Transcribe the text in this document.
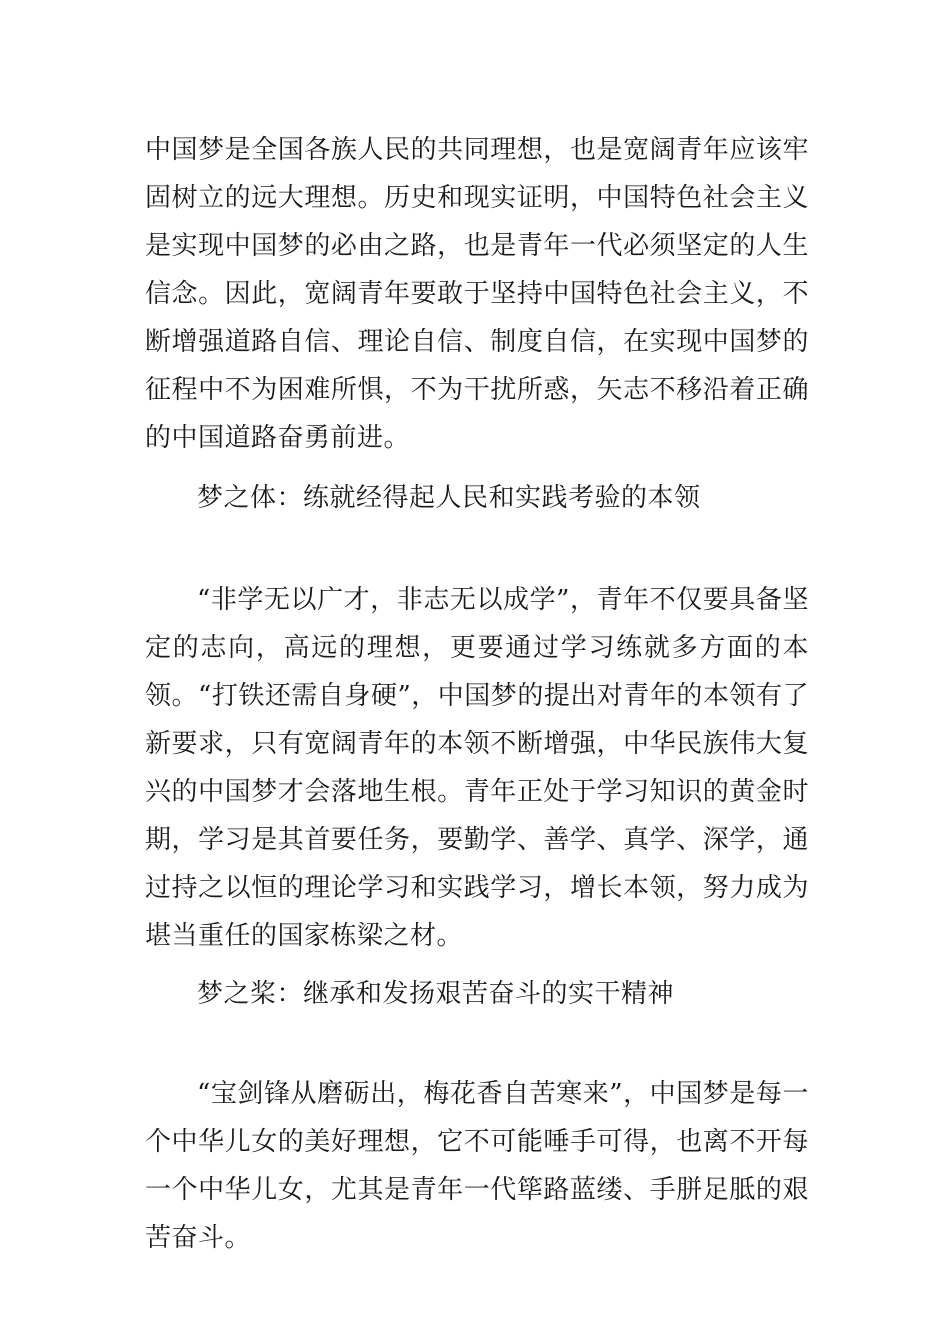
中国梦是全国各族人民的共同理想，也是宽阔青年应该牢固树立的远大理想。历史和现实证明，中国特色社会主义是实现中国梦的必由之路，也是青年一代必须坚定的人生信念。因此，宽阔青年要敢于坚持中国特色社会主义，不断增强道路自信、理论自信、制度自信，在实现中国梦的征程中不为困难所惧，不为干扰所惑，矢志不移沿着正确的中国道路奋勇前进。

梦之体：练就经得起人民和实践考验的本领

“非学无以广才，非志无以成学”，青年不仅要具备坚定的志向，高远的理想，更要通过学习练就多方面的本领。“打铁还需自身硬”，中国梦的提出对青年的本领有了新要求，只有宽阔青年的本领不断增强，中华民族伟大复兴的中国梦才会落地生根。青年正处于学习知识的黄金时期，学习是其首要任务，要勤学、善学、真学、深学，通过持之以恒的理论学习和实践学习，增长本领，努力成为堪当重任的国家栋梁之材。

梦之桨：继承和发扬艰苦奋斗的实干精神

“宝剑锋从磨砺出，梅花香自苦寒来”，中国梦是每一个中华儿女的美好理想，它不可能唾手可得，也离不开每一个中华儿女，尤其是青年一代筚路蓝缕、手胼足胝的艰苦奋斗。
